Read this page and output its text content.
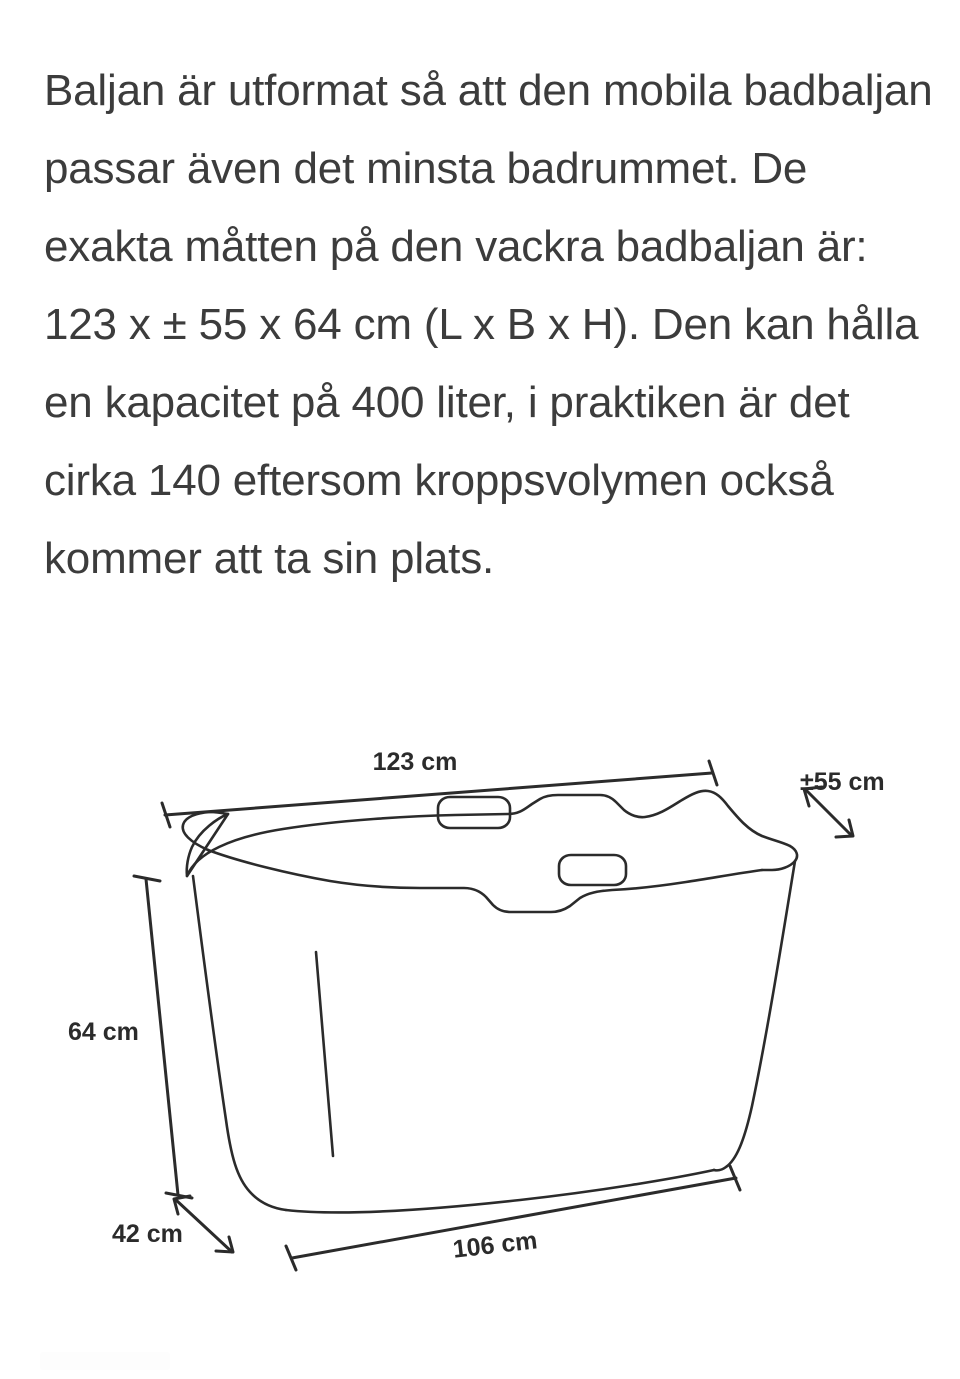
Baljan är utformat så att den mobila badbaljan passar även det minsta badrummet. De exakta måtten på den vackra badbaljan är: 123 x ± 55 x 64 cm (L x B x H). Den kan hålla en kapacitet på 400 liter, i praktiken är det cirka 140 eftersom kroppsvolymen också kommer att ta sin plats.

123 cm
±55 cm
64 cm
42 cm	106 cm
